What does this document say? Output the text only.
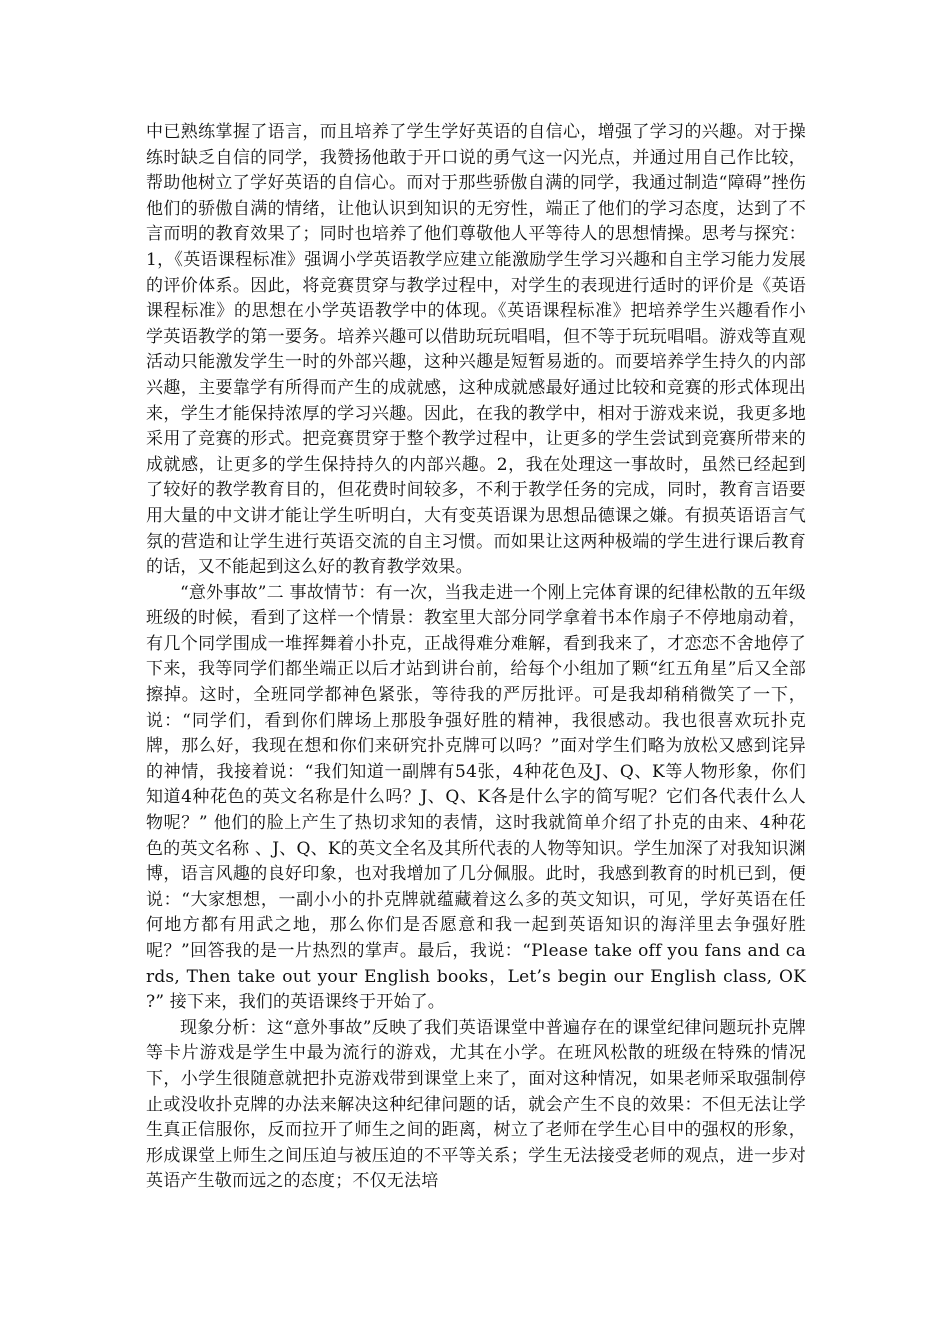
中已熟练掌握了语言，而且培养了学生学好英语的自信心，增强了学习的兴趣。对于操练时缺乏自信的同学，我赞扬他敢于开口说的勇气这一闪光点，并通过用自己作比较，帮助他树立了学好英语的自信心。而对于那些骄傲自满的同学，我通过制造“障碍”挫伤他们的骄傲自满的情绪，让他认识到知识的无穷性，端正了他们的学习态度，达到了不言而明的教育效果了；同时也培养了他们尊敬他人平等待人的思想情操。思考与探究：1，《英语课程标准》强调小学英语教学应建立能激励学生学习兴趣和自主学习能力发展的评价体系。因此，将竞赛贯穿与教学过程中，对学生的表现进行适时的评价是《英语课程标准》的思想在小学英语教学中的体现。《英语课程标准》把培养学生兴趣看作小学英语教学的第一要务。培养兴趣可以借助玩玩唱唱，但不等于玩玩唱唱。游戏等直观活动只能激发学生一时的外部兴趣，这种兴趣是短暂易逝的。而要培养学生持久的内部兴趣，主要靠学有所得而产生的成就感，这种成就感最好通过比较和竞赛的形式体现出来，学生才能保持浓厚的学习兴趣。因此，在我的教学中，相对于游戏来说，我更多地采用了竞赛的形式。把竞赛贯穿于整个教学过程中，让更多的学生尝试到竞赛所带来的成就感，让更多的学生保持持久的内部兴趣。2，我在处理这一事故时，虽然已经起到了较好的教学教育目的，但花费时间较多，不利于教学任务的完成，同时，教育言语要用大量的中文讲才能让学生听明白，大有变英语课为思想品德课之嫌。有损英语语言气氛的营造和让学生进行英语交流的自主习惯。而如果让这两种极端的学生进行课后教育的话，又不能起到这么好的教育教学效果。

“意外事故”二 事故情节：有一次，当我走进一个刚上完体育课的纪律松散的五年级班级的时候，看到了这样一个情景：教室里大部分同学拿着书本作扇子不停地扇动着，有几个同学围成一堆挥舞着小扑克，正战得难分难解，看到我来了，才恋恋不舍地停了下来，我等同学们都坐端正以后才站到讲台前，给每个小组加了颗“红五角星”后又全部擦掉。这时，全班同学都神色紧张，等待我的严厉批评。可是我却稍稍微笑了一下，说：“同学们，看到你们牌场上那股争强好胜的精神，我很感动。我也很喜欢玩扑克牌，那么好，我现在想和你们来研究扑克牌可以吗？”面对学生们略为放松又感到诧异的神情，我接着说：“我们知道一副牌有54张，4种花色及J、Q、K等人物形象，你们知道4种花色的英文名称是什么吗？J、Q、K各是什么字的简写呢？它们各代表什么人物呢？” 他们的脸上产生了热切求知的表情，这时我就简单介绍了扑克的由来、4种花色的英文名称 、J、Q、K的英文全名及其所代表的人物等知识。学生加深了对我知识渊博，语言风趣的良好印象，也对我增加了几分佩服。此时，我感到教育的时机已到，便说：“大家想想，一副小小的扑克牌就蕴藏着这么多的英文知识，可见，学好英语在任何地方都有用武之地，那么你们是否愿意和我一起到英语知识的海洋里去争强好胜呢？”回答我的是一片热烈的掌声。最后，我说：“Please take off you fans and cards, Then take out your English books，Let’s begin our English class, OK ?” 接下来，我们的英语课终于开始了。

现象分析：这“意外事故”反映了我们英语课堂中普遍存在的课堂纪律问题玩扑克牌等卡片游戏是学生中最为流行的游戏，尤其在小学。在班风松散的班级在特殊的情况下，小学生很随意就把扑克游戏带到课堂上来了，面对这种情况，如果老师采取强制停止或没收扑克牌的办法来解决这种纪律问题的话，就会产生不良的效果：不但无法让学生真正信服你，反而拉开了师生之间的距离，树立了老师在学生心目中的强权的形象，形成课堂上师生之间压迫与被压迫的不平等关系；学生无法接受老师的观点，进一步对英语产生敬而远之的态度；不仅无法培
